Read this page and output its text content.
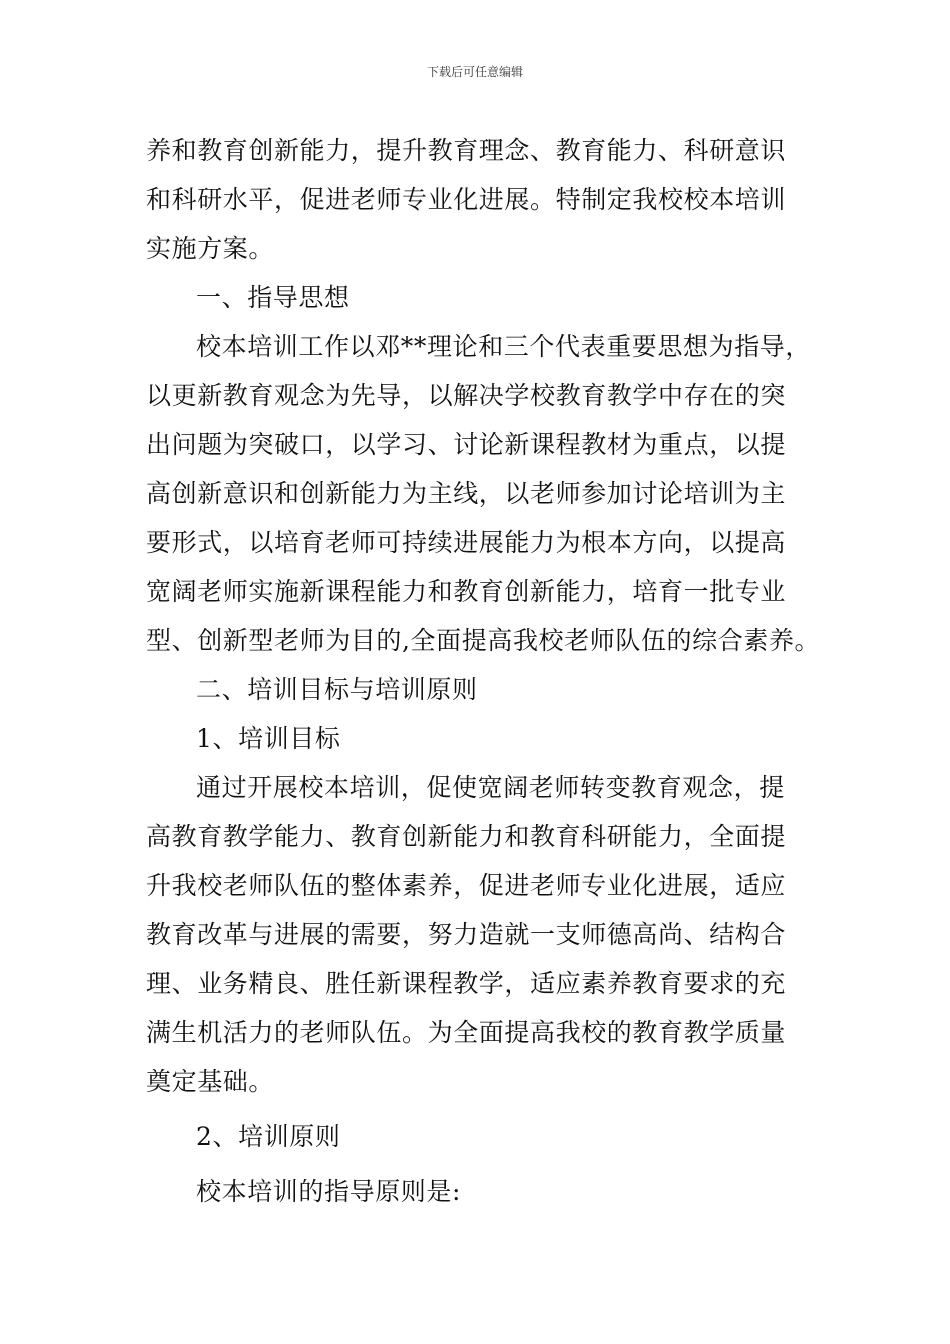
下载后可任意编辑
养和教育创新能力，提升教育理念、教育能力、科研意识
和科研水平，促进老师专业化进展。特制定我校校本培训
实施方案。
一、指导思想
校本培训工作以邓**理论和三个代表重要思想为指导，
以更新教育观念为先导，以解决学校教育教学中存在的突
出问题为突破口，以学习、讨论新课程教材为重点，以提
高创新意识和创新能力为主线，以老师参加讨论培训为主
要形式，以培育老师可持续进展能力为根本方向，以提高
宽阔老师实施新课程能力和教育创新能力，培育一批专业
型、创新型老师为目的,全面提高我校老师队伍的综合素养。
二、培训目标与培训原则
1、培训目标
通过开展校本培训，促使宽阔老师转变教育观念，提
高教育教学能力、教育创新能力和教育科研能力，全面提
升我校老师队伍的整体素养，促进老师专业化进展，适应
教育改革与进展的需要，努力造就一支师德高尚、结构合
理、业务精良、胜任新课程教学，适应素养教育要求的充
满生机活力的老师队伍。为全面提高我校的教育教学质量
奠定基础。
2、培训原则
校本培训的指导原则是:
